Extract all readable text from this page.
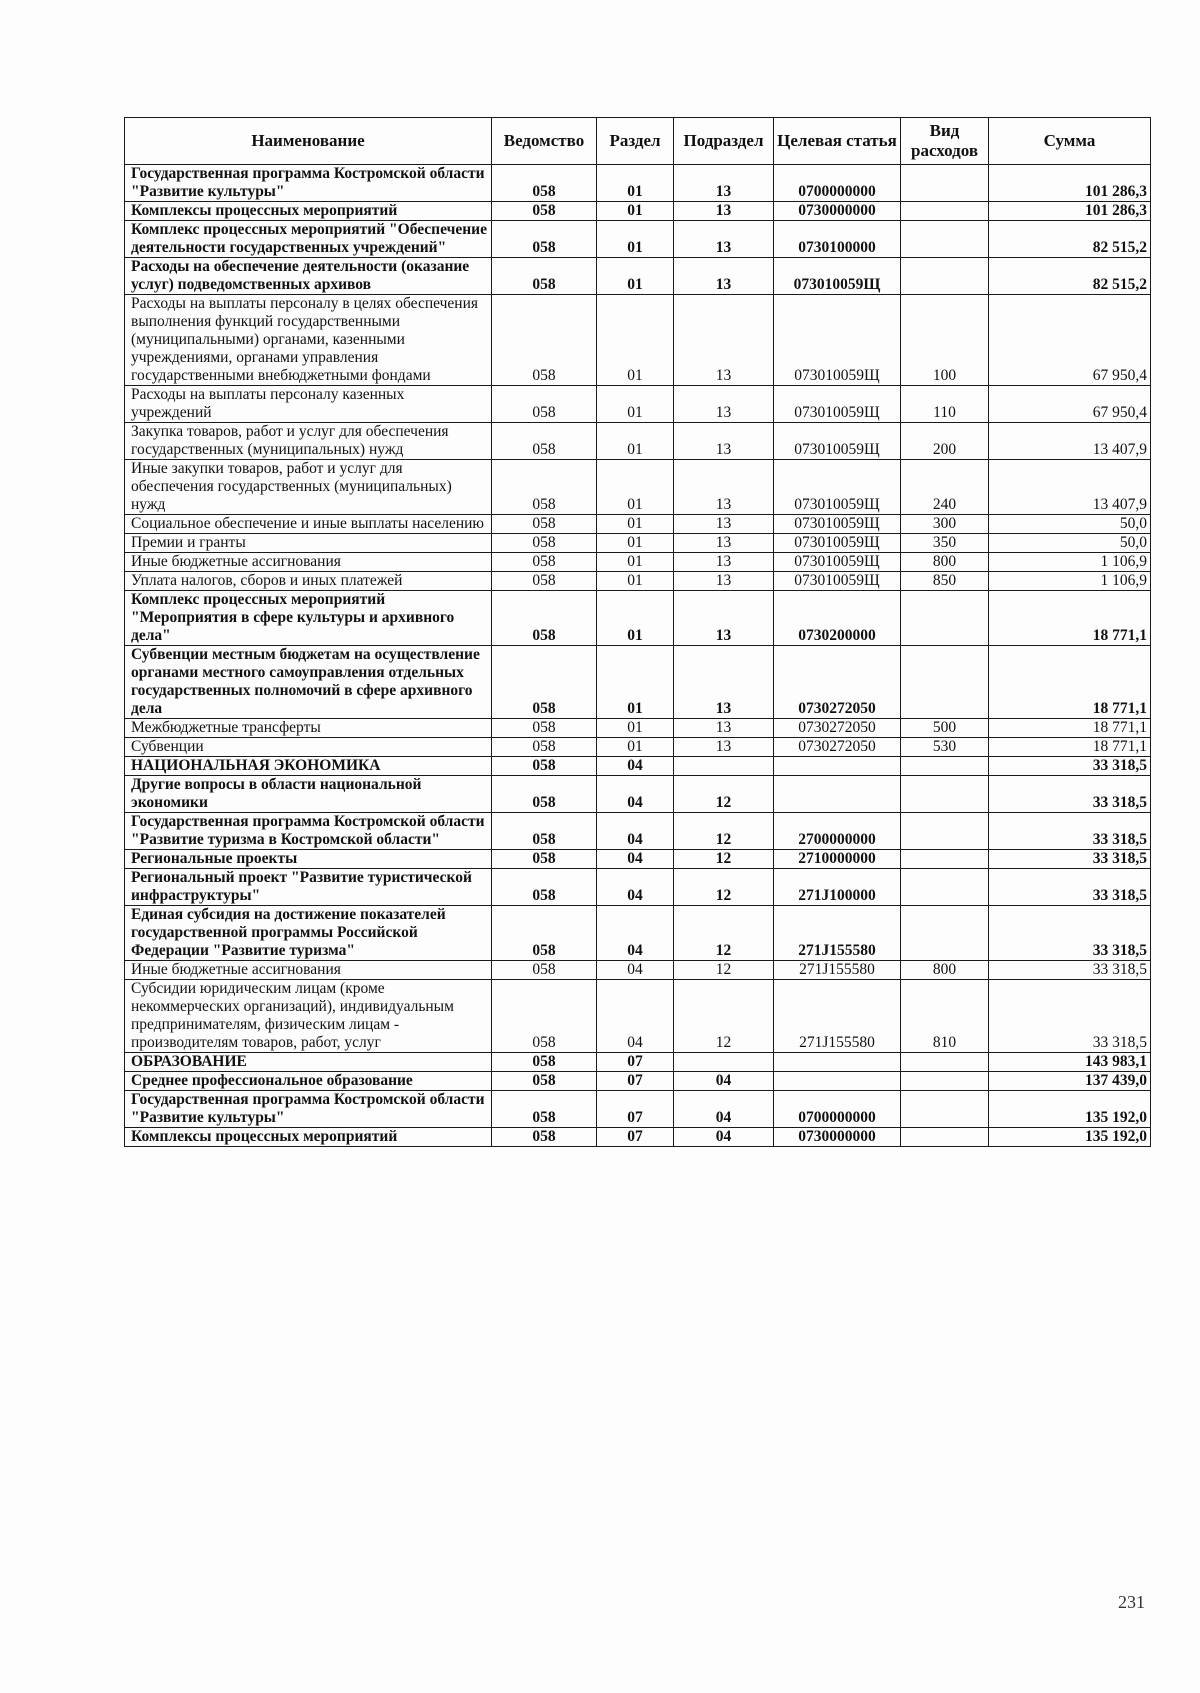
Наименование	Ведомство	Раздел	Подраздел	Целевая статья	Вид расходов	Сумма
Государственная программа Костромской области "Развитие культуры"	058	01	13	0700000000		101 286,3
Комплексы процессных мероприятий	058	01	13	0730000000		101 286,3
Комплекс процессных мероприятий "Обеспечение деятельности государственных учреждений"	058	01	13	0730100000		82 515,2
Расходы на обеспечение деятельности (оказание услуг) подведомственных архивов	058	01	13	073010059Щ		82 515,2
Расходы на выплаты персоналу в целях обеспечения выполнения функций государственными (муниципальными) органами, казенными учреждениями, органами управления государственными внебюджетными фондами	058	01	13	073010059Щ	100	67 950,4
Расходы на выплаты персоналу казенных учреждений	058	01	13	073010059Щ	110	67 950,4
Закупка товаров, работ и услуг для обеспечения государственных (муниципальных) нужд	058	01	13	073010059Щ	200	13 407,9
Иные закупки товаров, работ и услуг для обеспечения государственных (муниципальных) нужд	058	01	13	073010059Щ	240	13 407,9
Социальное обеспечение и иные выплаты населению	058	01	13	073010059Щ	300	50,0
Премии и гранты	058	01	13	073010059Щ	350	50,0
Иные бюджетные ассигнования	058	01	13	073010059Щ	800	1 106,9
Уплата налогов, сборов и иных платежей	058	01	13	073010059Щ	850	1 106,9
Комплекс процессных мероприятий "Мероприятия в сфере культуры и архивного дела"	058	01	13	0730200000		18 771,1
Субвенции местным бюджетам на осуществление органами местного самоуправления отдельных государственных полномочий в сфере архивного дела	058	01	13	0730272050		18 771,1
Межбюджетные трансферты	058	01	13	0730272050	500	18 771,1
Субвенции	058	01	13	0730272050	530	18 771,1
НАЦИОНАЛЬНАЯ ЭКОНОМИКА	058	04				33 318,5
Другие вопросы в области национальной экономики	058	04	12			33 318,5
Государственная программа Костромской области "Развитие туризма в Костромской области"	058	04	12	2700000000		33 318,5
Региональные проекты	058	04	12	2710000000		33 318,5
Региональный проект "Развитие туристической инфраструктуры"	058	04	12	271J100000		33 318,5
Единая субсидия на достижение показателей государственной программы Российской Федерации "Развитие туризма"	058	04	12	271J155580		33 318,5
Иные бюджетные ассигнования	058	04	12	271J155580	800	33 318,5
Субсидии юридическим лицам (кроме некоммерческих организаций), индивидуальным предпринимателям, физическим лицам - производителям товаров, работ, услуг	058	04	12	271J155580	810	33 318,5
ОБРАЗОВАНИЕ	058	07				143 983,1
Среднее профессиональное образование	058	07	04			137 439,0
Государственная программа Костромской области "Развитие культуры"	058	07	04	0700000000		135 192,0
Комплексы процессных мероприятий	058	07	04	0730000000		135 192,0
231
